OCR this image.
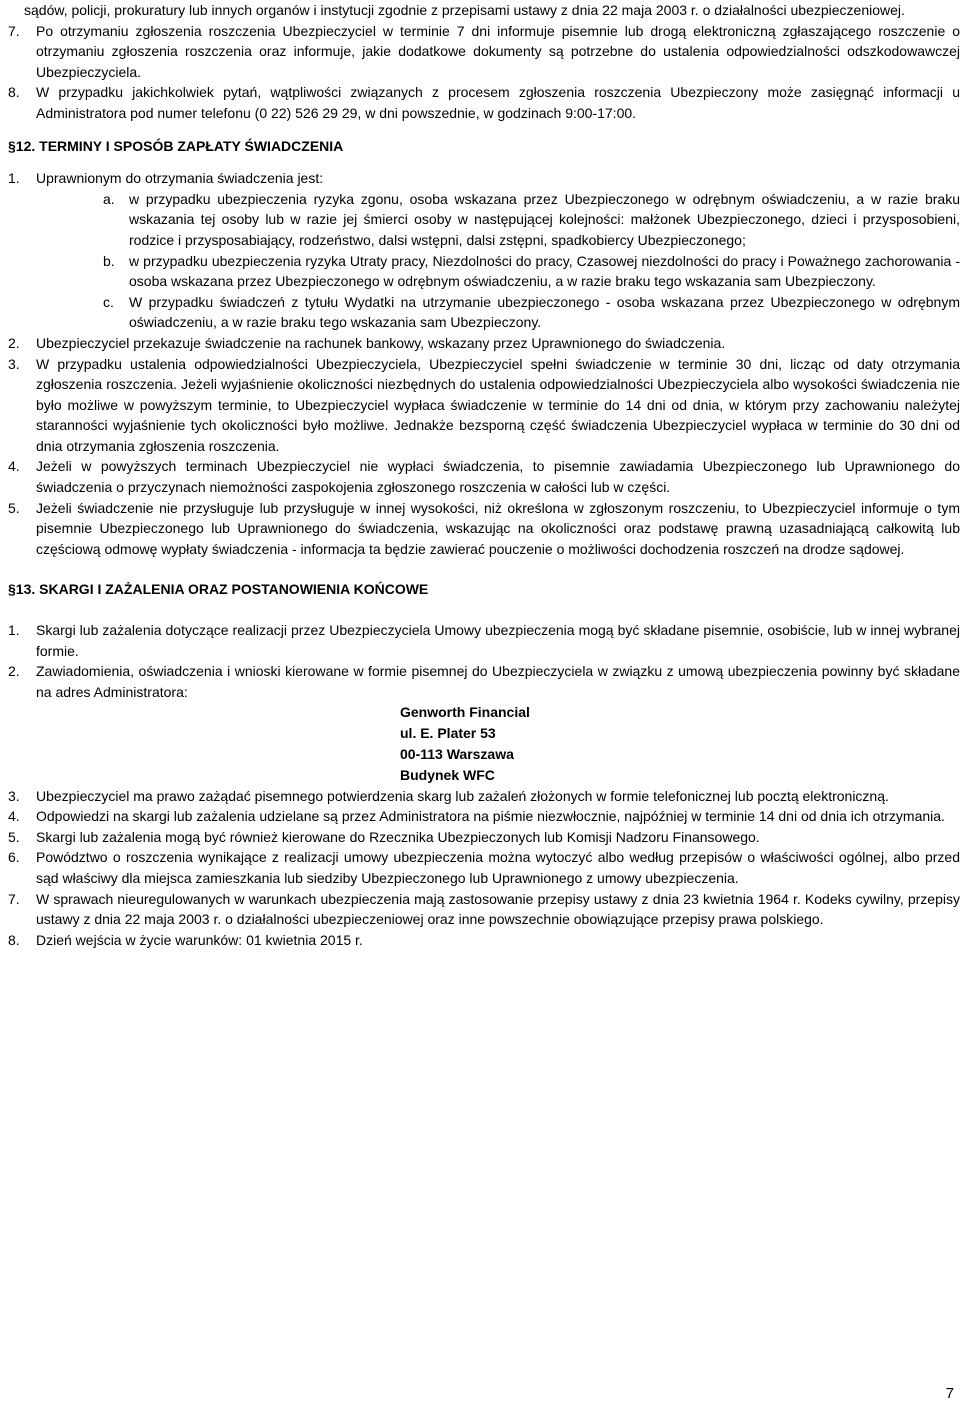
sądów, policji, prokuratury lub innych organów i instytucji zgodnie z przepisami ustawy z dnia 22 maja 2003 r. o działalności ubezpieczeniowej.
7. Po otrzymaniu zgłoszenia roszczenia Ubezpieczyciel w terminie 7 dni informuje pisemnie lub drogą elektroniczną zgłaszającego roszczenie o otrzymaniu zgłoszenia roszczenia oraz informuje, jakie dodatkowe dokumenty są potrzebne do ustalenia odpowiedzialności odszkodowawczej Ubezpieczyciela.
8. W przypadku jakichkolwiek pytań, wątpliwości związanych z procesem zgłoszenia roszczenia Ubezpieczony może zasięgnąć informacji u Administratora pod numer telefonu (0 22) 526 29 29, w dni powszednie, w godzinach 9:00-17:00.
§12. TERMINY I SPOSÓB ZAPŁATY ŚWIADCZENIA
1. Uprawnionym do otrzymania świadczenia jest:
a. w przypadku ubezpieczenia ryzyka zgonu, osoba wskazana przez Ubezpieczonego w odrębnym oświadczeniu, a w razie braku wskazania tej osoby lub w razie jej śmierci osoby w następującej kolejności: małżonek Ubezpieczonego, dzieci i przysposobieni, rodzice i przysposabiający, rodzeństwo, dalsi wstępni, dalsi zstępni, spadkobiercy Ubezpieczonego;
b. w przypadku ubezpieczenia ryzyka Utraty pracy, Niezdolności do pracy, Czasowej niezdolności do pracy i Poważnego zachorowania - osoba wskazana przez Ubezpieczonego w odrębnym oświadczeniu, a w razie braku tego wskazania sam Ubezpieczony.
c. W przypadku świadczeń z tytułu Wydatki na utrzymanie ubezpieczonego - osoba wskazana przez Ubezpieczonego w odrębnym oświadczeniu, a w razie braku tego wskazania sam Ubezpieczony.
2. Ubezpieczyciel przekazuje świadczenie na rachunek bankowy, wskazany przez Uprawnionego do świadczenia.
3. W przypadku ustalenia odpowiedzialności Ubezpieczyciela, Ubezpieczyciel spełni świadczenie w terminie 30 dni, licząc od daty otrzymania zgłoszenia roszczenia. Jeżeli wyjaśnienie okoliczności niezbędnych do ustalenia odpowiedzialności Ubezpieczyciela albo wysokości świadczenia nie było możliwe w powyższym terminie, to Ubezpieczyciel wypłaca świadczenie w terminie do 14 dni od dnia, w którym przy zachowaniu należytej staranności wyjaśnienie tych okoliczności było możliwe. Jednakże bezsporną część świadczenia Ubezpieczyciel wypłaca w terminie do 30 dni od dnia otrzymania zgłoszenia roszczenia.
4. Jeżeli w powyższych terminach Ubezpieczyciel nie wypłaci świadczenia, to pisemnie zawiadamia Ubezpieczonego lub Uprawnionego do świadczenia o przyczynach niemożności zaspokojenia zgłoszonego roszczenia w całości lub w części.
5. Jeżeli świadczenie nie przysługuje lub przysługuje w innej wysokości, niż określona w zgłoszonym roszczeniu, to Ubezpieczyciel informuje o tym pisemnie Ubezpieczonego lub Uprawnionego do świadczenia, wskazując na okoliczności oraz podstawę prawną uzasadniającą całkowitą lub częściową odmowę wypłaty świadczenia - informacja ta będzie zawierać pouczenie o możliwości dochodzenia roszczeń na drodze sądowej.
§13. SKARGI I ZAŻALENIA ORAZ POSTANOWIENIA KOŃCOWE
1. Skargi lub zażalenia dotyczące realizacji przez Ubezpieczyciela Umowy ubezpieczenia mogą być składane pisemnie, osobiście, lub w innej wybranej formie.
2. Zawiadomienia, oświadczenia i wnioski kierowane w formie pisemnej do Ubezpieczyciela w związku z umową ubezpieczenia powinny być składane na adres Administratora:
Genworth Financial
ul. E. Plater 53
00-113 Warszawa
Budynek WFC
3. Ubezpieczyciel ma prawo zażądać pisemnego potwierdzenia skarg lub zażaleń złożonych w formie telefonicznej lub pocztą elektroniczną.
4. Odpowiedzi na skargi lub zażalenia udzielane są przez Administratora na piśmie niezwłocznie, najpóźniej w terminie 14 dni od dnia ich otrzymania.
5. Skargi lub zażalenia mogą być również kierowane do Rzecznika Ubezpieczonych lub Komisji Nadzoru Finansowego.
6. Powództwo o roszczenia wynikające z realizacji umowy ubezpieczenia można wytoczyć albo według przepisów o właściwości ogólnej, albo przed sąd właściwy dla miejsca zamieszkania lub siedziby Ubezpieczonego lub Uprawnionego z umowy ubezpieczenia.
7. W sprawach nieuregulowanych w warunkach ubezpieczenia mają zastosowanie przepisy ustawy z dnia 23 kwietnia 1964 r. Kodeks cywilny, przepisy ustawy z dnia 22 maja 2003 r. o działalności ubezpieczeniowej oraz inne powszechnie obowiązujące przepisy prawa polskiego.
8. Dzień wejścia w życie warunków: 01 kwietnia 2015 r.
7
